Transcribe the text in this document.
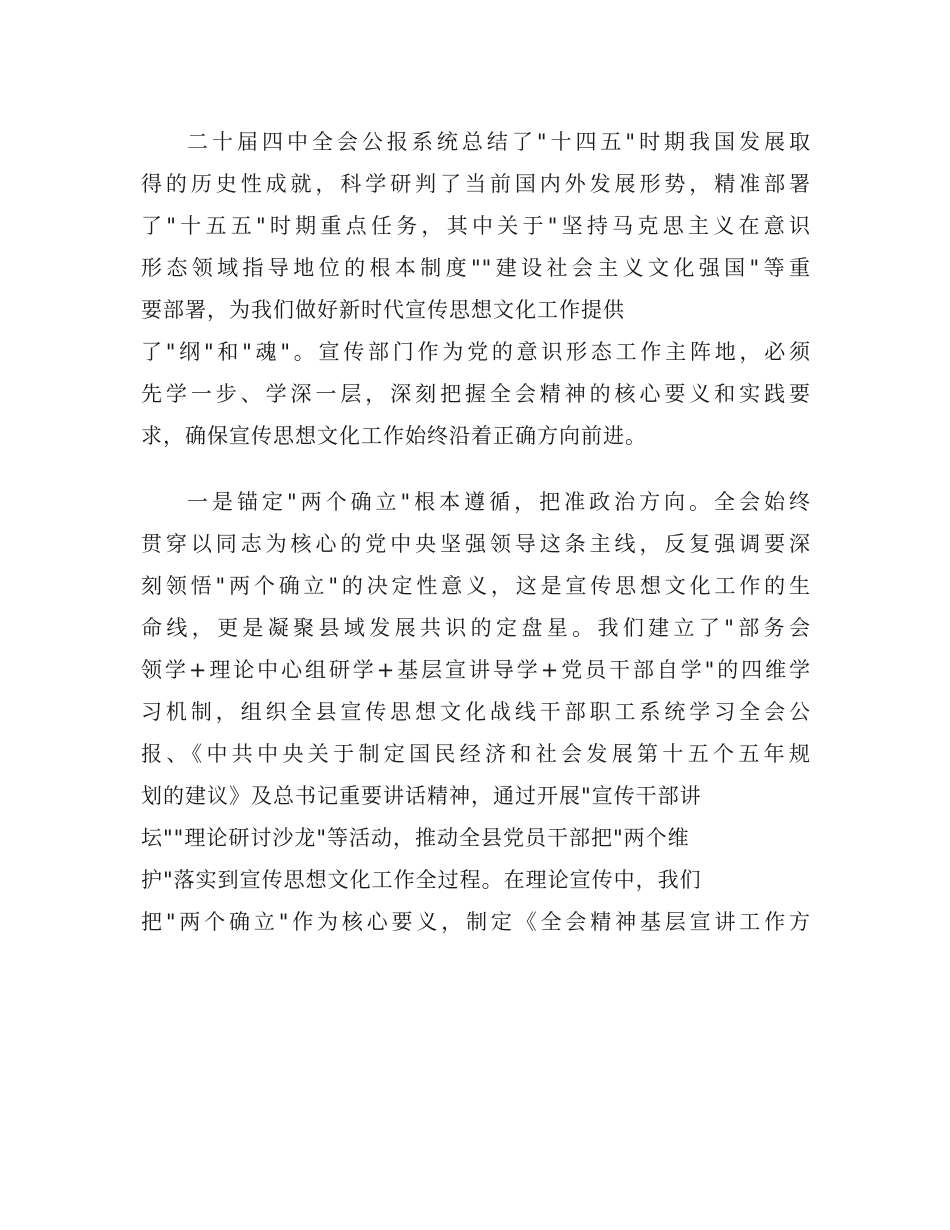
二十届四中全会公报系统总结了"十四五"时期我国发展取
得的历史性成就，科学研判了当前国内外发展形势，精准部署
了"十五五"时期重点任务，其中关于"坚持马克思主义在意识
形态领域指导地位的根本制度""建设社会主义文化强国"等重
要部署，为我们做好新时代宣传思想文化工作提供
了"纲"和"魂"。宣传部门作为党的意识形态工作主阵地，必须
先学一步、学深一层，深刻把握全会精神的核心要义和实践要
求，确保宣传思想文化工作始终沿着正确方向前进。

一是锚定"两个确立"根本遵循，把准政治方向。全会始终
贯穿以同志为核心的党中央坚强领导这条主线，反复强调要深
刻领悟"两个确立"的决定性意义，这是宣传思想文化工作的生
命线，更是凝聚县域发展共识的定盘星。我们建立了"部务会
领学+理论中心组研学+基层宣讲导学+党员干部自学"的四维学
习机制，组织全县宣传思想文化战线干部职工系统学习全会公
报、《中共中央关于制定国民经济和社会发展第十五个五年规
划的建议》及总书记重要讲话精神，通过开展"宣传干部讲
坛""理论研讨沙龙"等活动，推动全县党员干部把"两个维
护"落实到宣传思想文化工作全过程。在理论宣传中，我们
把"两个确立"作为核心要义，制定《全会精神基层宣讲工作方
